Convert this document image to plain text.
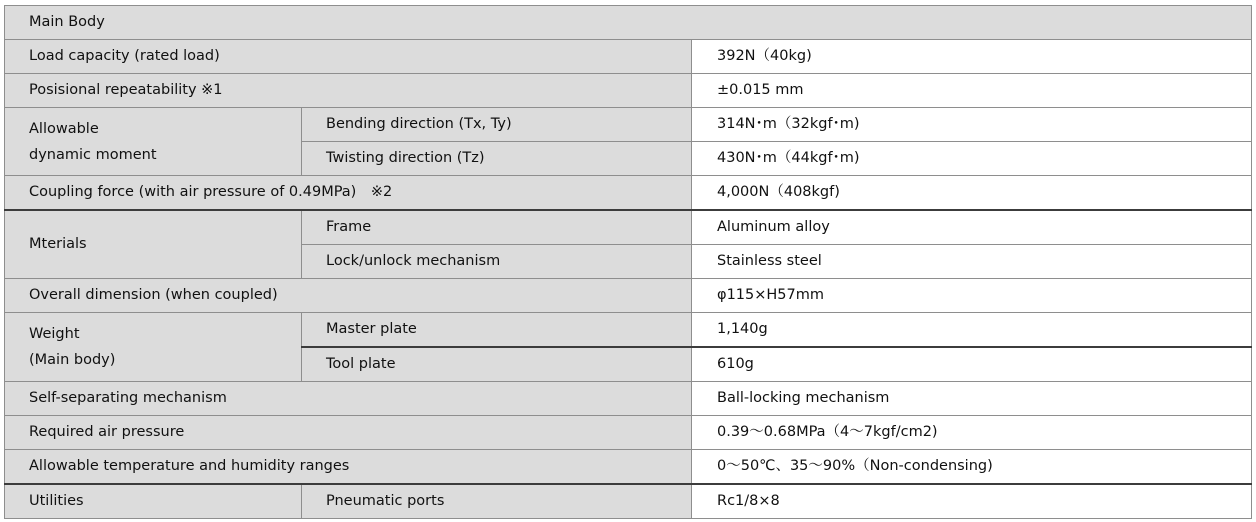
Main Body		
Load capacity (rated load)		392N（40kg)
Posisional repeatability ※1		±0.015 mm
Allowable
dynamic moment	Bending direction (Tx, Ty)	314N･m（32kgf･m)
	Twisting direction (Tz)	430N･m（44kgf･m)
Coupling force (with air pressure of 0.49MPa)　※2		4,000N（408kgf)
Mterials	Frame	Aluminum alloy
	Lock/unlock mechanism	Stainless steel
Overall dimension (when coupled)		φ115×H57mm
Weight
(Main body)	Master plate	1,140g
	Tool plate	610g
Self-separating mechanism		Ball-locking mechanism
Required air pressure		0.39～0.68MPa（4～7kgf/cm2)
Allowable temperature and humidity ranges		0～50℃、35～90%（Non-condensing)
Utilities	Pneumatic ports	Rc1/8×8
